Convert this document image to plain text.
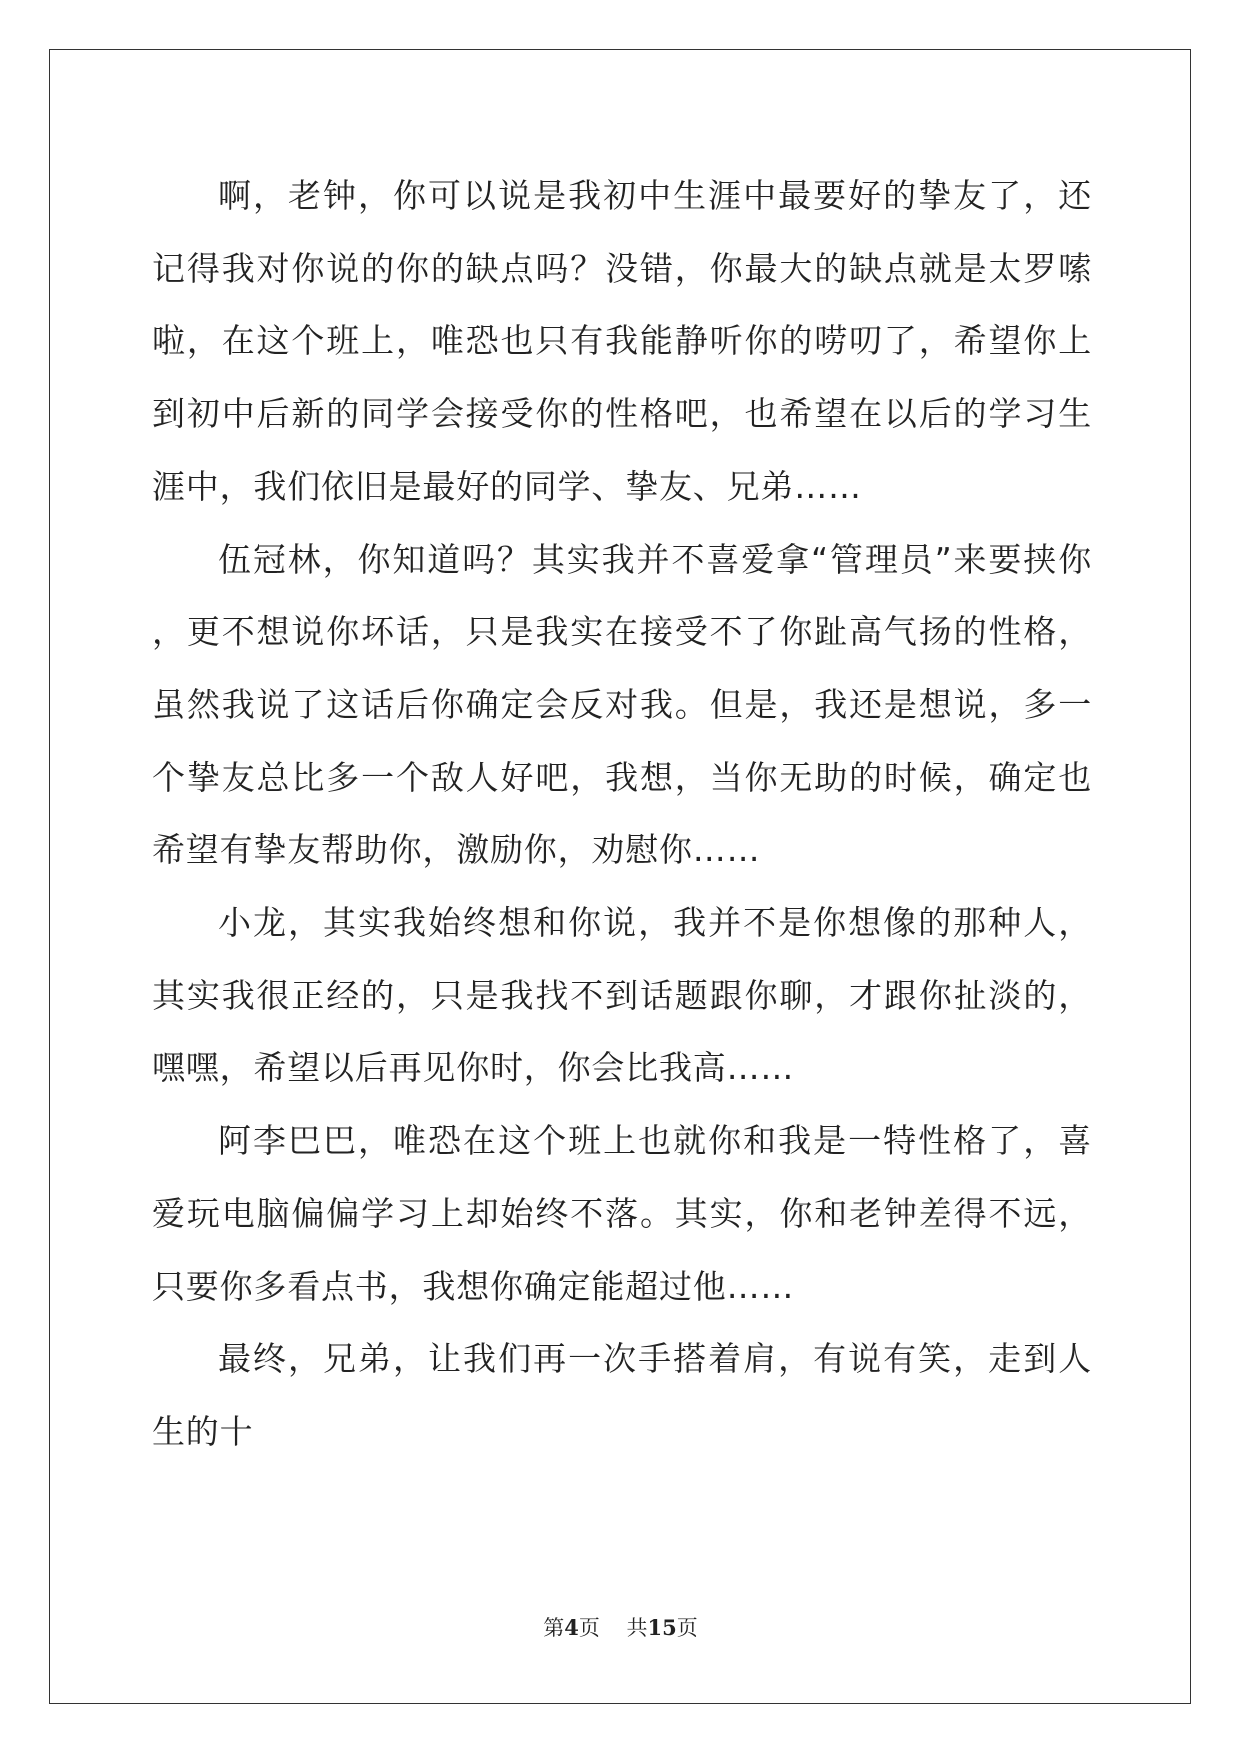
啊，老钟，你可以说是我初中生涯中最要好的挚友了，还记得我对你说的你的缺点吗？没错，你最大的缺点就是太罗嗦啦，在这个班上，唯恐也只有我能静听你的唠叨了，希望你上到初中后新的同学会接受你的性格吧，也希望在以后的学习生涯中，我们依旧是最好的同学、挚友、兄弟……

伍冠林，你知道吗？其实我并不喜爱拿“管理员”来要挟你，更不想说你坏话，只是我实在接受不了你趾高气扬的性格，虽然我说了这话后你确定会反对我。但是，我还是想说，多一个挚友总比多一个敌人好吧，我想，当你无助的时候，确定也希望有挚友帮助你，激励你，劝慰你……

小龙，其实我始终想和你说，我并不是你想像的那种人，其实我很正经的，只是我找不到话题跟你聊，才跟你扯淡的，嘿嘿，希望以后再见你时，你会比我高……

阿李巴巴，唯恐在这个班上也就你和我是一特性格了，喜爱玩电脑偏偏学习上却始终不落。其实，你和老钟差得不远，只要你多看点书，我想你确定能超过他……

最终，兄弟，让我们再一次手搭着肩，有说有笑，走到人生的十

第4页 共15页
